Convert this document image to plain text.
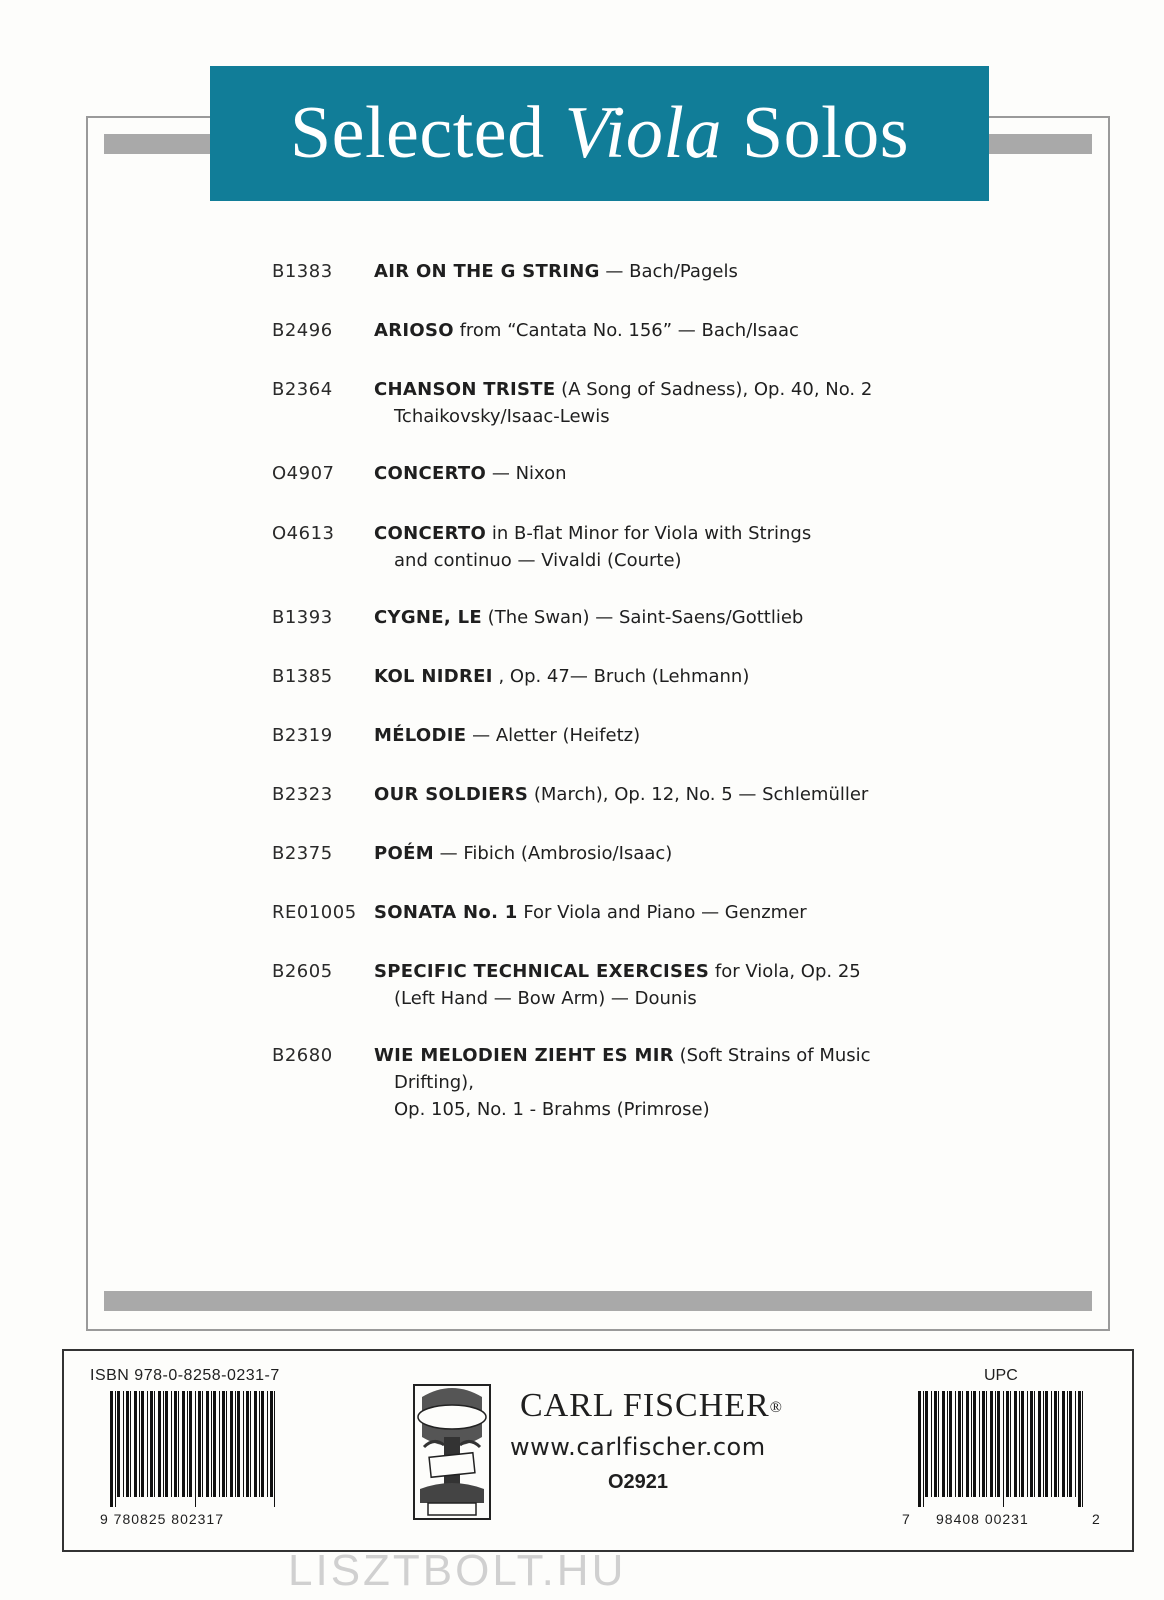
Selected Viola Solos
B1383	AIR ON THE G STRING — Bach/Pagels
B2496	ARIOSO from “Cantata No. 156” — Bach/Isaac
B2364	CHANSON TRISTE (A Song of Sadness), Op. 40, No. 2
Tchaikovsky/Isaac-Lewis
O4907	CONCERTO — Nixon
O4613	CONCERTO in B-flat Minor for Viola with Strings
and continuo — Vivaldi (Courte)
B1393	CYGNE, LE (The Swan) — Saint-Saens/Gottlieb
B1385	KOL NIDREI , Op. 47— Bruch (Lehmann)
B2319	MÉLODIE — Aletter (Heifetz)
B2323	OUR SOLDIERS (March), Op. 12, No. 5 — Schlemüller
B2375	POÉM — Fibich (Ambrosio/Isaac)
RE01005 SONATA No. 1 For Viola and Piano — Genzmer
B2605	SPECIFIC TECHNICAL EXERCISES for Viola, Op. 25
(Left Hand — Bow Arm) — Dounis
B2680	WIE MELODIEN ZIEHT ES MIR (Soft Strains of Music
Drifting),
Op. 105, No. 1 - Brahms (Primrose)
ISBN 978-0-8258-0231-7
9 780825 802317
CARL FISCHER®
www.carlfischer.com
O2921
UPC
7 98408 00231	2
LISZTBOLT.HU
